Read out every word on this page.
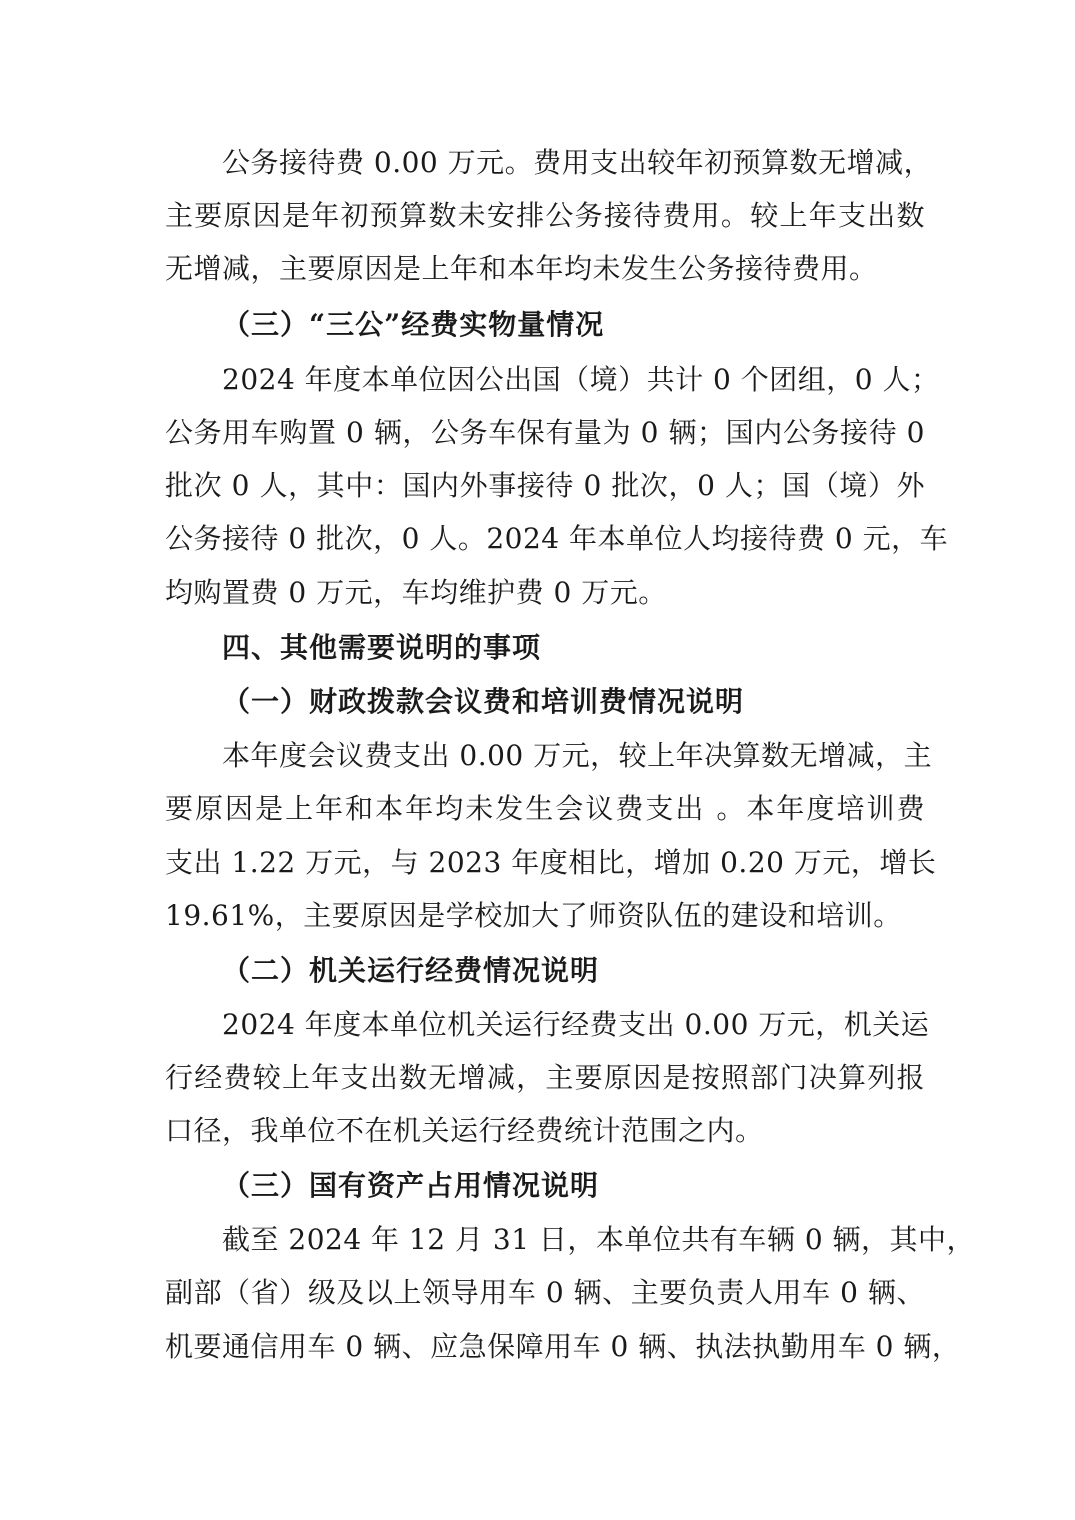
公务接待费 0.00 万元。费用支出较年初预算数无增减，
主要原因是年初预算数未安排公务接待费用。较上年支出数
无增减，主要原因是上年和本年均未发生公务接待费用。
（三）“三公”经费实物量情况
2024 年度本单位因公出国（境）共计 0 个团组，0 人；
公务用车购置 0 辆，公务车保有量为 0 辆；国内公务接待 0
批次 0 人，其中：国内外事接待 0 批次，0 人；国（境）外
公务接待 0 批次，0 人。2024 年本单位人均接待费 0 元，车
均购置费 0 万元，车均维护费 0 万元。
四、其他需要说明的事项
（一）财政拨款会议费和培训费情况说明
本年度会议费支出 0.00 万元，较上年决算数无增减，主
要原因是上年和本年均未发生会议费支出 。本年度培训费
支出 1.22 万元，与 2023 年度相比，增加 0.20 万元，增长
19.61%，主要原因是学校加大了师资队伍的建设和培训。
（二）机关运行经费情况说明
2024 年度本单位机关运行经费支出 0.00 万元，机关运
行经费较上年支出数无增减，主要原因是按照部门决算列报
口径，我单位不在机关运行经费统计范围之内。
（三）国有资产占用情况说明
截至 2024 年 12 月 31 日，本单位共有车辆 0 辆，其中，
副部（省）级及以上领导用车 0 辆、主要负责人用车 0 辆、
机要通信用车 0 辆、应急保障用车 0 辆、执法执勤用车 0 辆，
